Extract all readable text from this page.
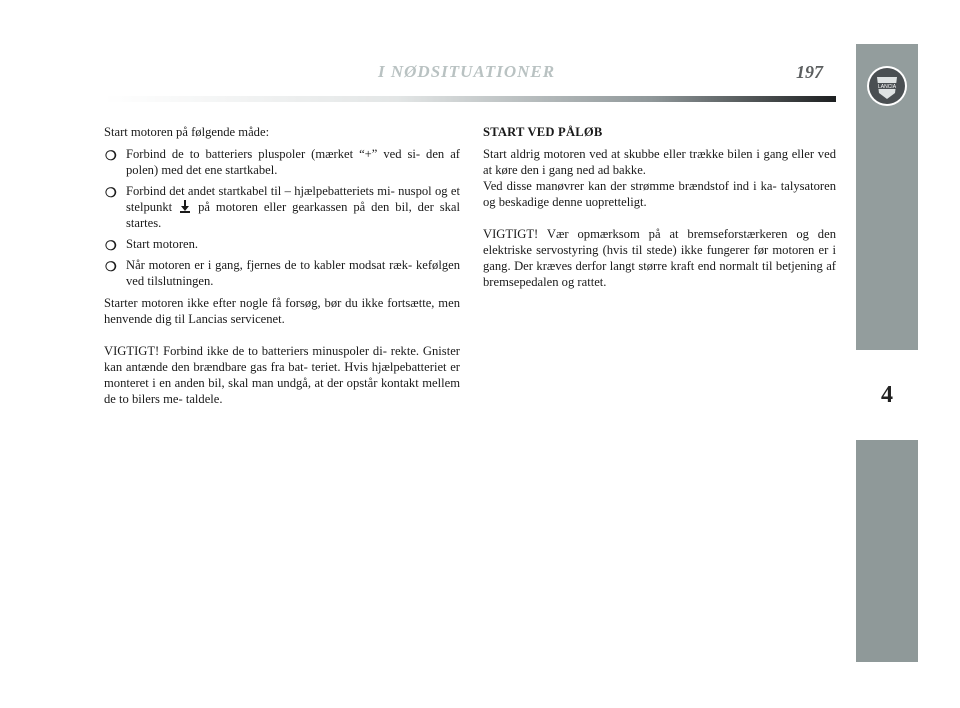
I NØDSITUATIONER	197
LANCIA
4

Start motoren på følgende måde:

❍ Forbind de to batteriers pluspoler (mærket “+” ved si- den af polen) med det ene startkabel.
❍ Forbind det andet startkabel til – hjælpebatteriets mi- nuspol og et stelpunkt på motoren eller gearkassen på den bil, der skal startes.
❍ Start motoren.
❍ Når motoren er i gang, fjernes de to kabler modsat ræk- kefølgen ved tilslutningen.

Starter motoren ikke efter nogle få forsøg, bør du ikke fortsætte, men henvende dig til Lancias servicenet.

VIGTIGT! Forbind ikke de to batteriers minuspoler di- rekte. Gnister kan antænde den brændbare gas fra bat- teriet. Hvis hjælpebatteriet er monteret i en anden bil, skal man undgå, at der opstår kontakt mellem de to bilers me- taldele.

START VED PÅLØB

Start aldrig motoren ved at skubbe eller trække bilen i gang eller ved at køre den i gang ned ad bakke.

Ved disse manøvrer kan der strømme brændstof ind i ka- talysatoren og beskadige denne uopretteligt.

VIGTIGT! Vær opmærksom på at bremseforstærkeren og den elektriske servostyring (hvis til stede) ikke fungerer før motoren er i gang. Der kræves derfor langt større kraft end normalt til betjening af bremsepedalen og rattet.
